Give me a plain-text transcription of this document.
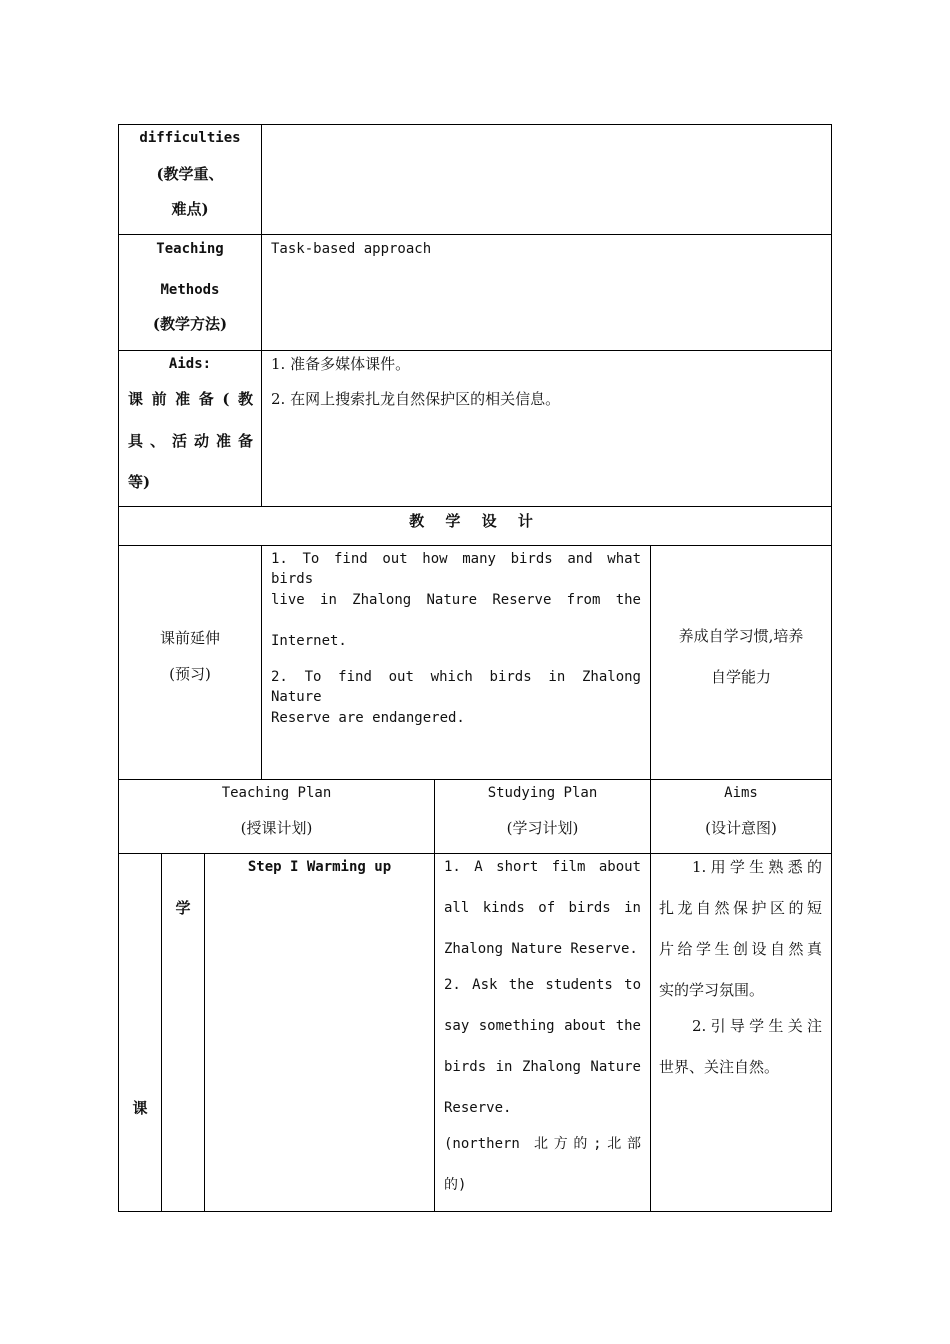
difficulties
(教学重、
难点)
Teaching
Methods
(教学方法)
Task-based approach
Aids:
课前准备(教
具、活动准备
等)
1. 准备多媒体课件。
2. 在网上搜索扎龙自然保护区的相关信息。
教 学 设 计
课前延伸
(预习)
1. To find out how many birds and what birds
live in Zhalong Nature Reserve from the
Internet.
2. To find out which birds in Zhalong Nature
Reserve are endangered.
养成自学习惯,培养
自学能力
Teaching Plan
(授课计划)
Studying Plan
(学习计划)
Aims
(设计意图)
课
学
Step I Warming up	1. A short film about
all kinds of birds in
Zhalong Nature Reserve.
2. Ask the students to
say something about the
birds in Zhalong Nature
Reserve.
(northern 北方的;北部
的)
1.用学生熟悉的
扎龙自然保护区的短
片给学生创设自然真
实的学习氛围。
2.引导学生关注
世界、关注自然。
